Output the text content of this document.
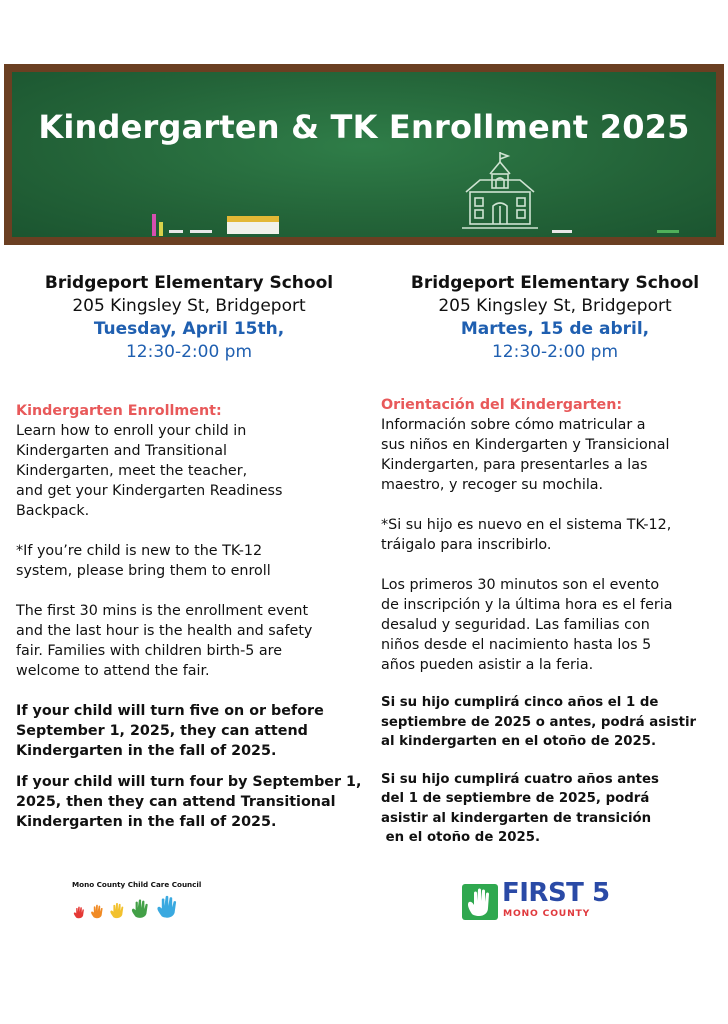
Kindergarten & TK Enrollment 2025
Bridgeport Elementary School
205 Kingsley St, Bridgeport
Tuesday, April 15th,
12:30-2:00 pm
Kindergarten Enrollment:

Learn how to enroll your child in

Kindergarten and Transitional

Kindergarten, meet the teacher,

and get your Kindergarten Readiness

Backpack.

*If you’re child is new to the TK-12

system, please bring them to enroll

The first 30 mins is the enrollment event

and the last hour is the health and safety

fair. Families with children birth-5 are

welcome to attend the fair.

If your child will turn five on or before

September 1, 2025, they can attend

Kindergarten in the fall of 2025.

If your child will turn four by September 1,

2025, then they can attend Transitional

Kindergarten in the fall of 2025.

Bridgeport Elementary School
205 Kingsley St, Bridgeport
Martes, 15 de abril,
12:30-2:00 pm
Orientación del Kindergarten:

Información sobre cómo matricular a

sus niños en Kindergarten y Transicional

Kindergarten, para presentarles a las

maestro, y recoger su mochila.

*Si su hijo es nuevo en el sistema TK-12,

tráigalo para inscribirlo.

Los primeros 30 minutos son el evento

de inscripción y la última hora es el feria

desalud y seguridad. Las familias con

niños desde el nacimiento hasta los 5

años pueden asistir a la feria.

Si su hijo cumplirá cinco años el 1 de

septiembre de 2025 o antes, podrá asistir

al kindergarten en el otoño de 2025.

Si su hijo cumplirá cuatro años antes

del 1 de septiembre de 2025, podrá

asistir al kindergarten de transición

en el otoño de 2025.

Mono County Child Care Council	FIRST 5
MONO COUNTY
